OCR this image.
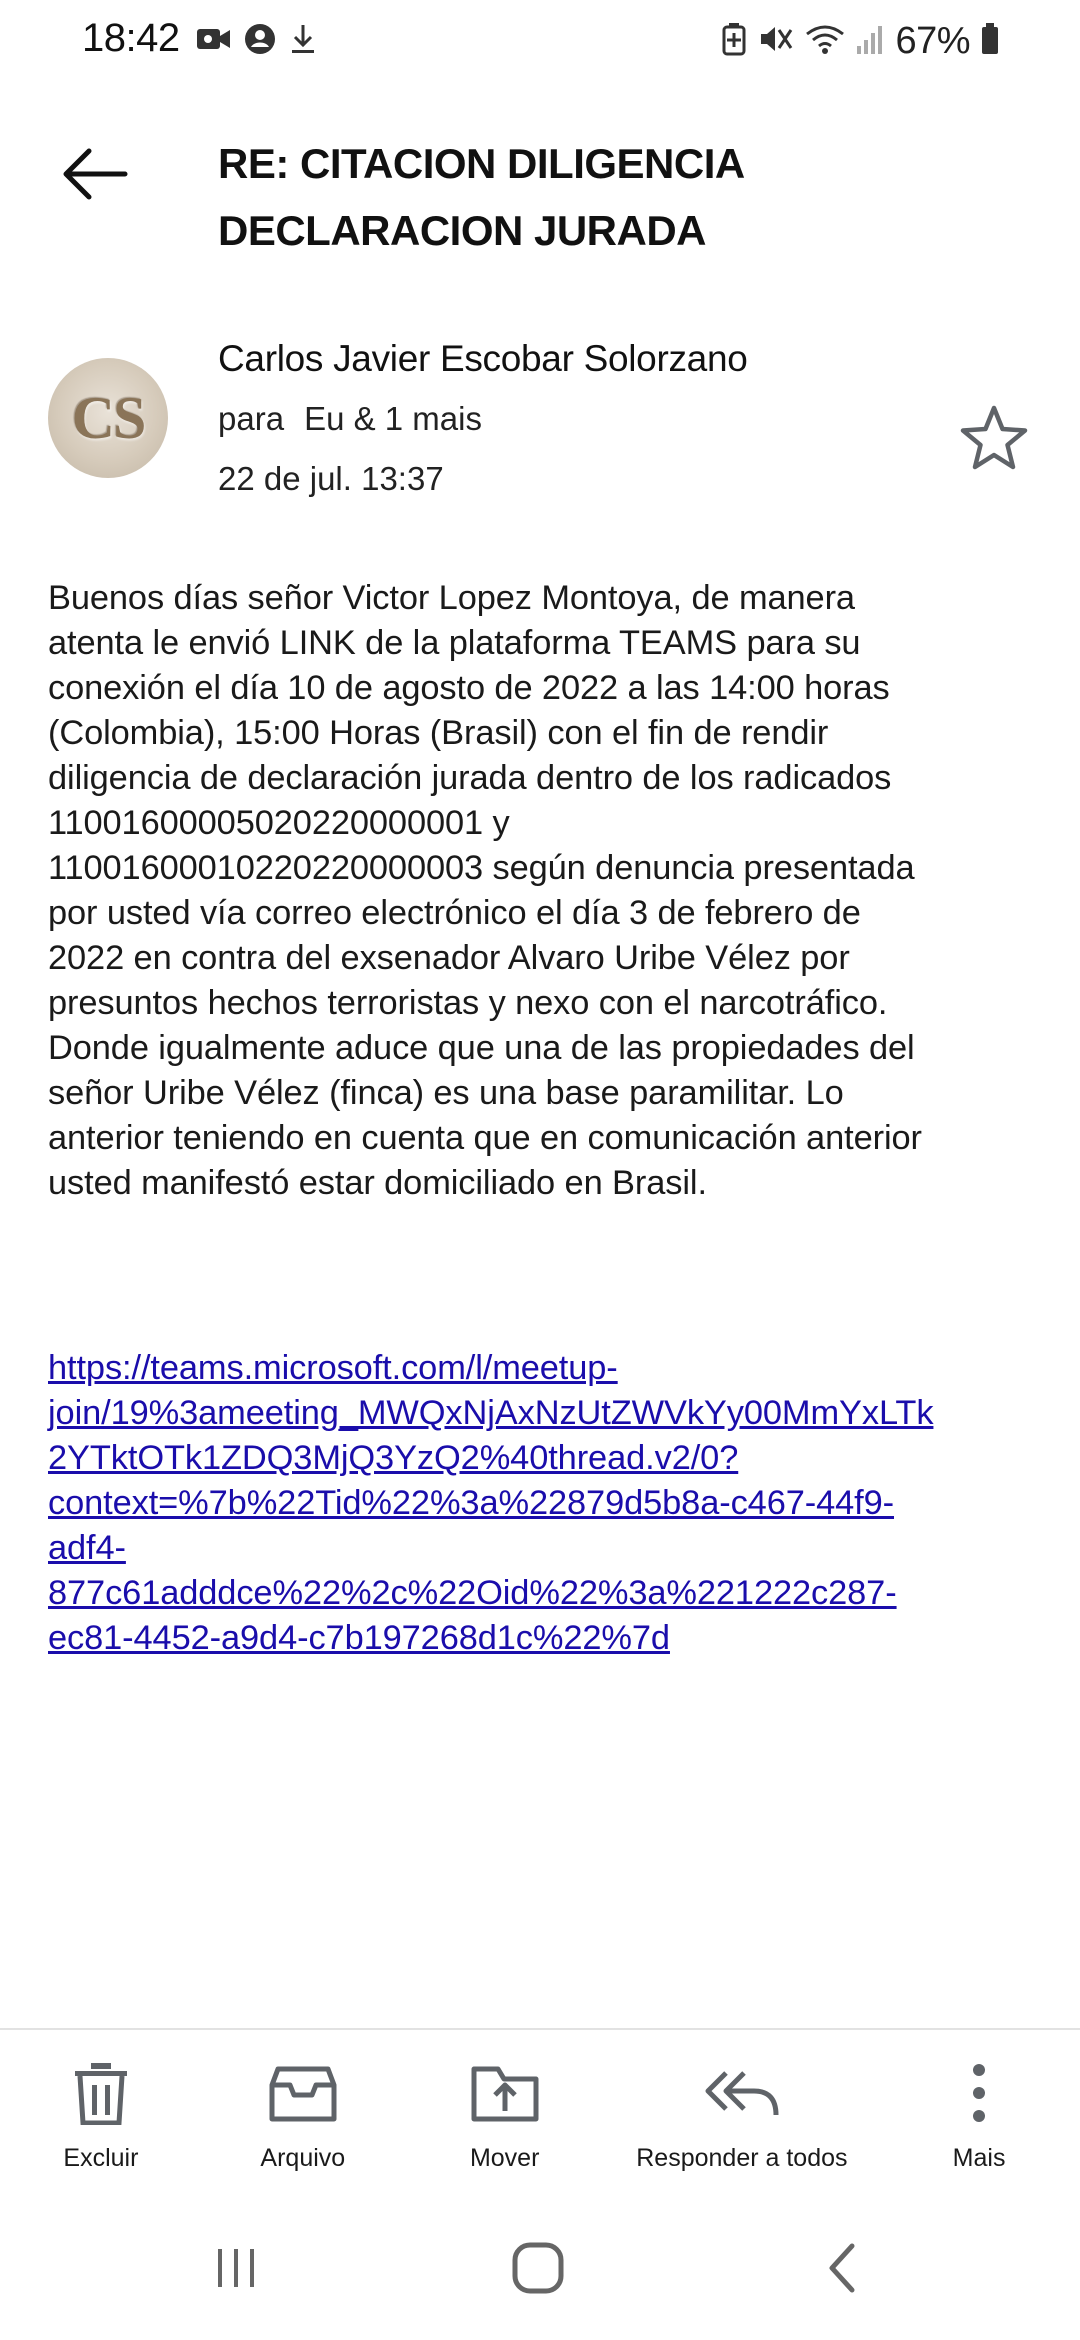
18:42	67%
RE: CITACION DILIGENCIA DECLARACION JURADA
CS
Carlos Javier Escobar Solorzano
para Eu & 1 mais
22 de jul. 13:37
Buenos días señor Victor Lopez Montoya, de manera
atenta le envió LINK de la plataforma TEAMS para su
conexión el día 10 de agosto de 2022 a las 14:00 horas
(Colombia), 15:00 Horas (Brasil) con el fin de rendir
diligencia de declaración jurada dentro de los radicados
11001600005020220000001 y
11001600010220220000003 según denuncia presentada
por usted vía correo electrónico el día 3 de febrero de
2022 en contra del exsenador Alvaro Uribe Vélez por
presuntos hechos terroristas y nexo con el narcotráfico.
Donde igualmente aduce que una de las propiedades del
señor Uribe Vélez (finca) es una base paramilitar. Lo
anterior teniendo en cuenta que en comunicación anterior
usted manifestó estar domiciliado en Brasil.
https://teams.microsoft.com/l/meetup-
join/19%3ameeting_MWQxNjAxNzUtZWVkYy00MmYxLTk
2YTktOTk1ZDQ3MjQ3YzQ2%40thread.v2/0?
context=%7b%22Tid%22%3a%22879d5b8a-c467-44f9-
adf4-
877c61adddce%22%2c%22Oid%22%3a%221222c287-
ec81-4452-a9d4-c7b197268d1c%22%7d
Excluir	Arquivo	Mover	Responder a todos	Mais
